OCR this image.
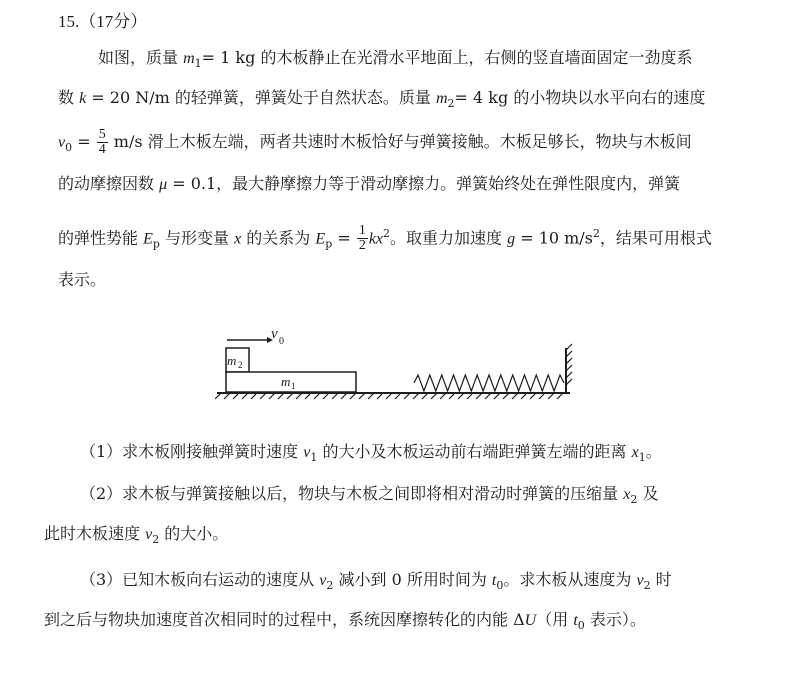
15.（17分）
如图，质量 $m_1= 1$ kg 的木板静止在光滑水平地面上，右侧的竖直墙面固定一劲度系
数 k = 20 N/m 的轻弹簧，弹簧处于自然状态。质量 $m_2= 4$ kg 的小物块以水平向右的速度
$v_0 = \frac{5}{4} m/s$ 滑上木板左端，两者共速时木板恰好与弹簧接触。木板足够长，物块与木板间
的动摩擦因数 μ = 0.1，最大静摩擦力等于滑动摩擦力。弹簧始终处在弹性限度内，弹簧
的弹性势能 $E_p$ 与形变量 x 的关系为 $E_p = \frac{1}{2} kx^2$。取重力加速度 g = 10 $m/s^2$，结果可用根式
表示。
v 0
m 2
m 1
（1）求木板刚接触弹簧时速度 $v_1$ 的大小及木板运动前右端距弹簧左端的距离 $x_1$。
（2）求木板与弹簧接触以后，物块与木板之间即将相对滑动时弹簧的压缩量 $x_2$ 及
此时木板速度 $v_2$ 的大小。
（3）已知木板向右运动的速度从 $v_2$ 减小到 0 所用时间为 $t_0$。求木板从速度为 $v_2$ 时
到之后与物块加速度首次相同时的过程中，系统因摩擦转化的内能 ΔU（用 $t_0$ 表示）。
